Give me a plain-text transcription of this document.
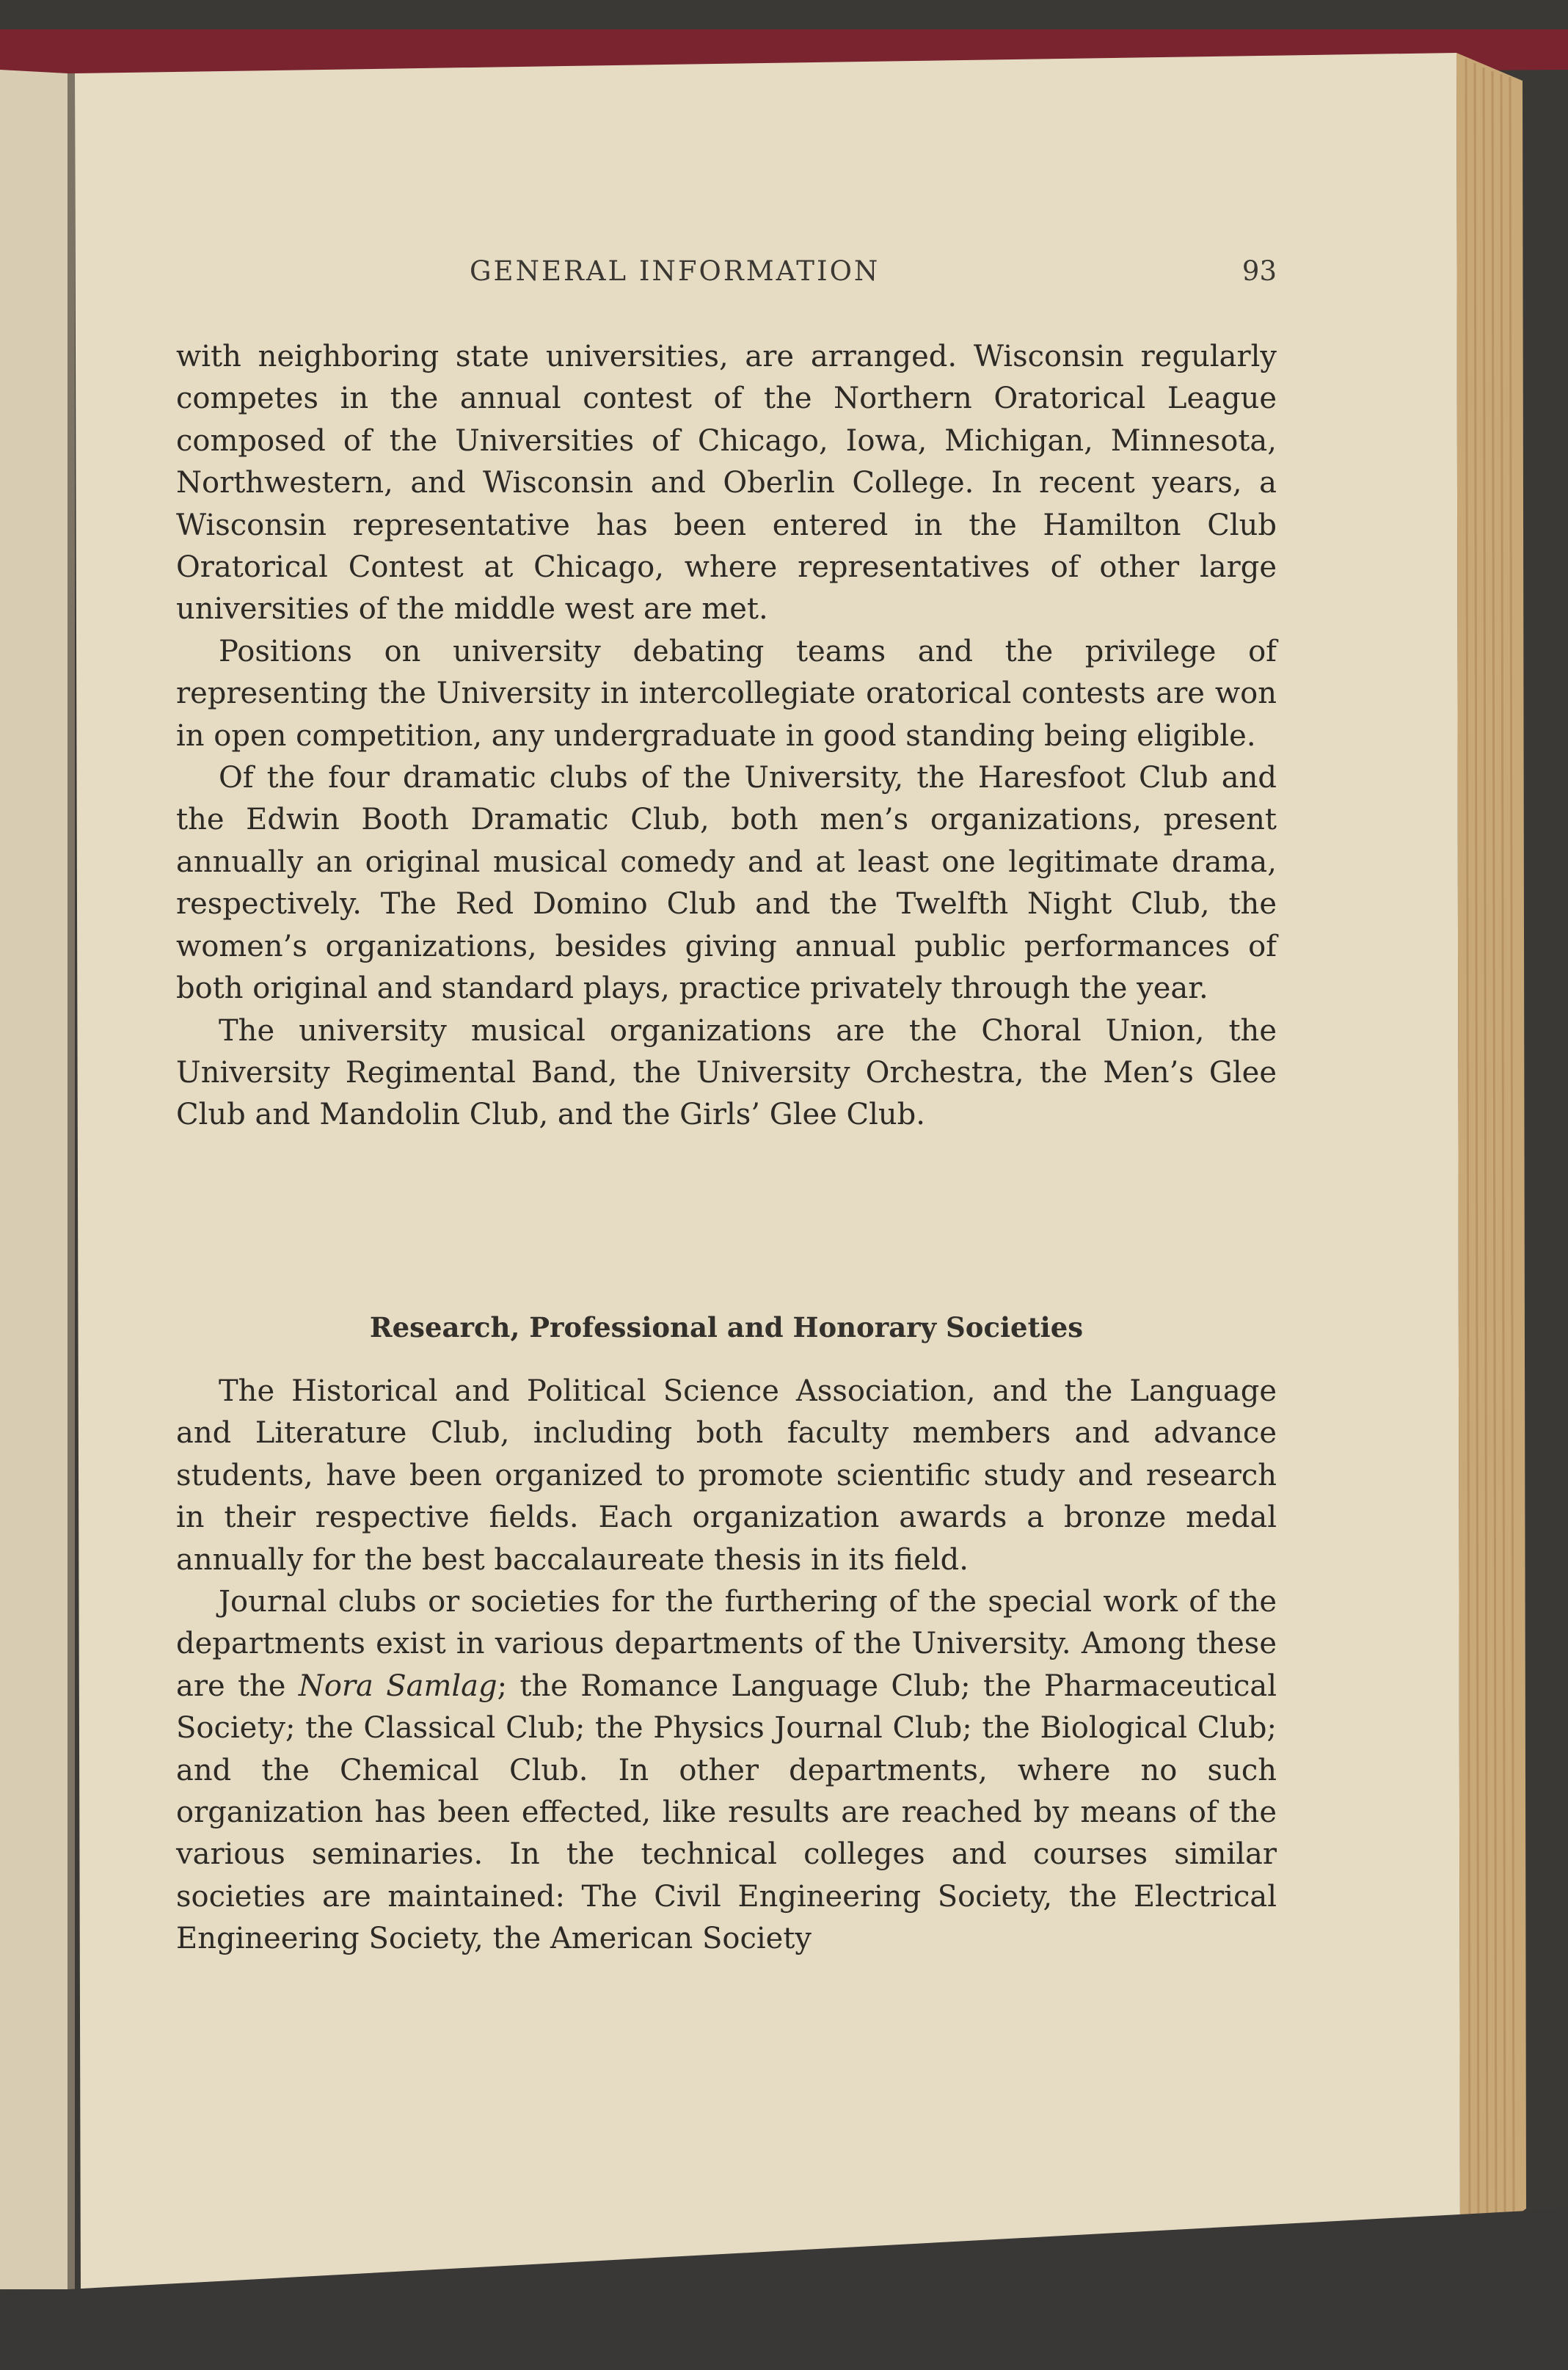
GENERAL INFORMATION	93

with neighboring state universities, are arranged. Wisconsin regularly competes in the annual contest of the Northern Oratorical League composed of the Universities of Chicago, Iowa, Michigan, Minnesota, Northwestern, and Wisconsin and Oberlin College. In recent years, a Wisconsin representative has been entered in the Hamilton Club Oratorical Contest at Chicago, where representatives of other large universities of the middle west are met.

Positions on university debating teams and the privilege of representing the University in intercollegiate oratorical contests are won in open competition, any undergraduate in good standing being eligible.

Of the four dramatic clubs of the University, the Haresfoot Club and the Edwin Booth Dramatic Club, both men’s organizations, present annually an original musical comedy and at least one legitimate drama, respectively. The Red Domino Club and the Twelfth Night Club, the women’s organizations, besides giving annual public performances of both original and standard plays, practice privately through the year.

The university musical organizations are the Choral Union, the University Regimental Band, the University Orchestra, the Men’s Glee Club and Mandolin Club, and the Girls’ Glee Club.

Research, Professional and Honorary Societies

The Historical and Political Science Association, and the Language and Literature Club, including both faculty members and advance students, have been organized to promote scientific study and research in their respective fields. Each organization awards a bronze medal annually for the best baccalaureate thesis in its field.

Journal clubs or societies for the furthering of the special work of the departments exist in various departments of the University. Among these are the Nora Samlag; the Romance Language Club; the Pharmaceutical Society; the Classical Club; the Physics Journal Club; the Biological Club; and the Chemical Club. In other departments, where no such organization has been effected, like results are reached by means of the various seminaries. In the technical colleges and courses similar societies are maintained: The Civil Engineering Society, the Electrical Engineering Society, the American Society
